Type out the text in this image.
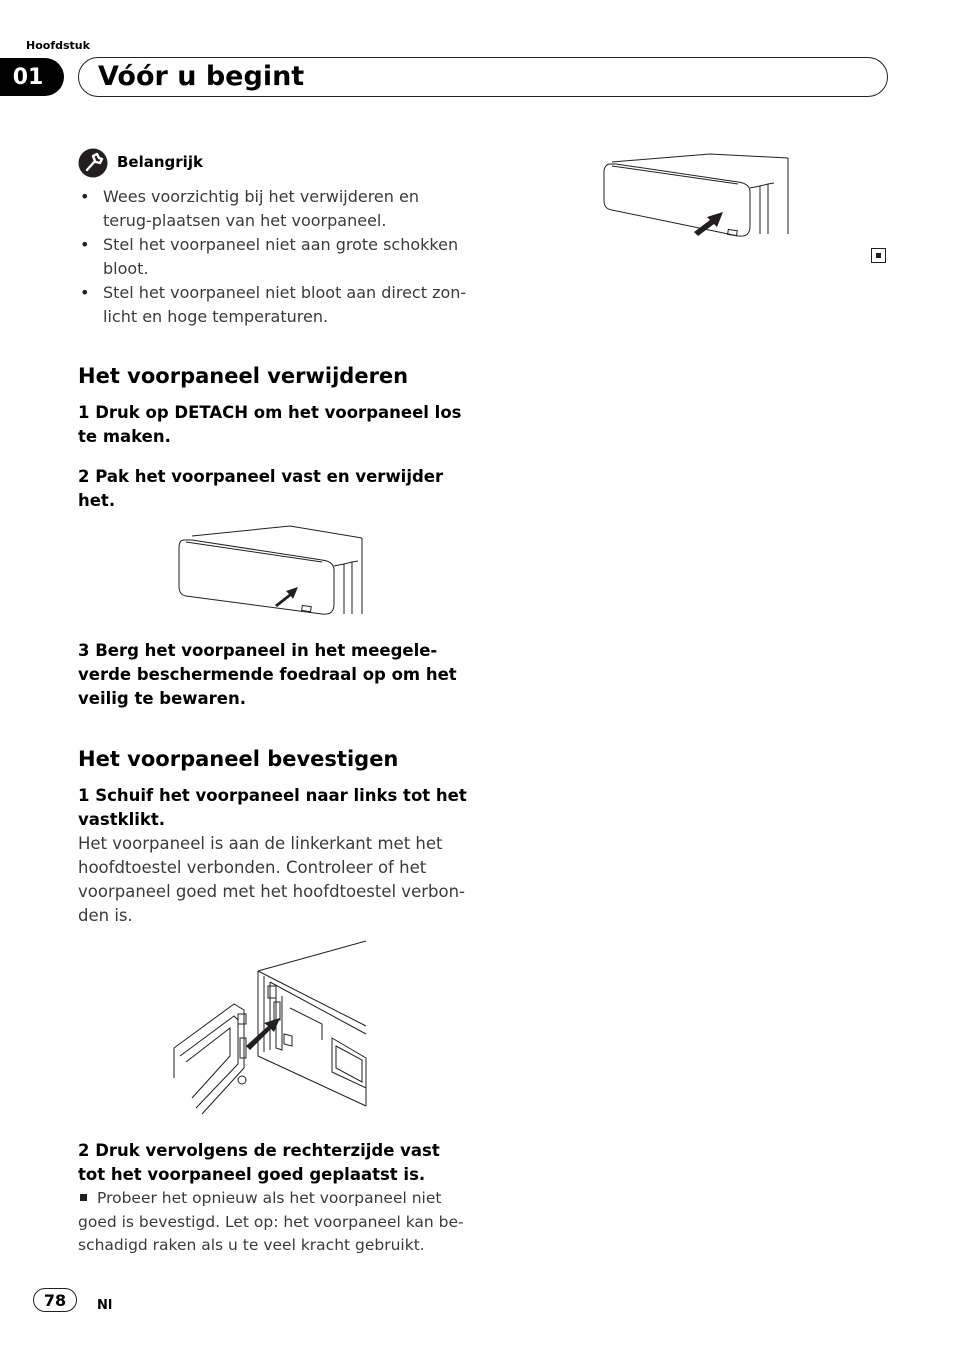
Hoofdstuk
01	Vóór u begint
Belangrijk
• Wees voorzichtig bij het verwijderen en terug-plaatsen van het voorpaneel.
• Stel het voorpaneel niet aan grote schokken bloot.
• Stel het voorpaneel niet bloot aan direct zon-licht en hoge temperaturen.
Het voorpaneel verwijderen
1 Druk op DETACH om het voorpaneel los te maken.
2 Pak het voorpaneel vast en verwijder het.
3 Berg het voorpaneel in het meegele-verde beschermende foedraal op om het veilig te bewaren.
Het voorpaneel bevestigen
1 Schuif het voorpaneel naar links tot het vastklikt.
Het voorpaneel is aan de linkerkant met het hoofdtoestel verbonden. Controleer of het voorpaneel goed met het hoofdtoestel verbon-den is.
2 Druk vervolgens de rechterzijde vast tot het voorpaneel goed geplaatst is.
Probeer het opnieuw als het voorpaneel niet goed is bevestigd. Let op: het voorpaneel kan be-schadigd raken als u te veel kracht gebruikt.
78	Nl
